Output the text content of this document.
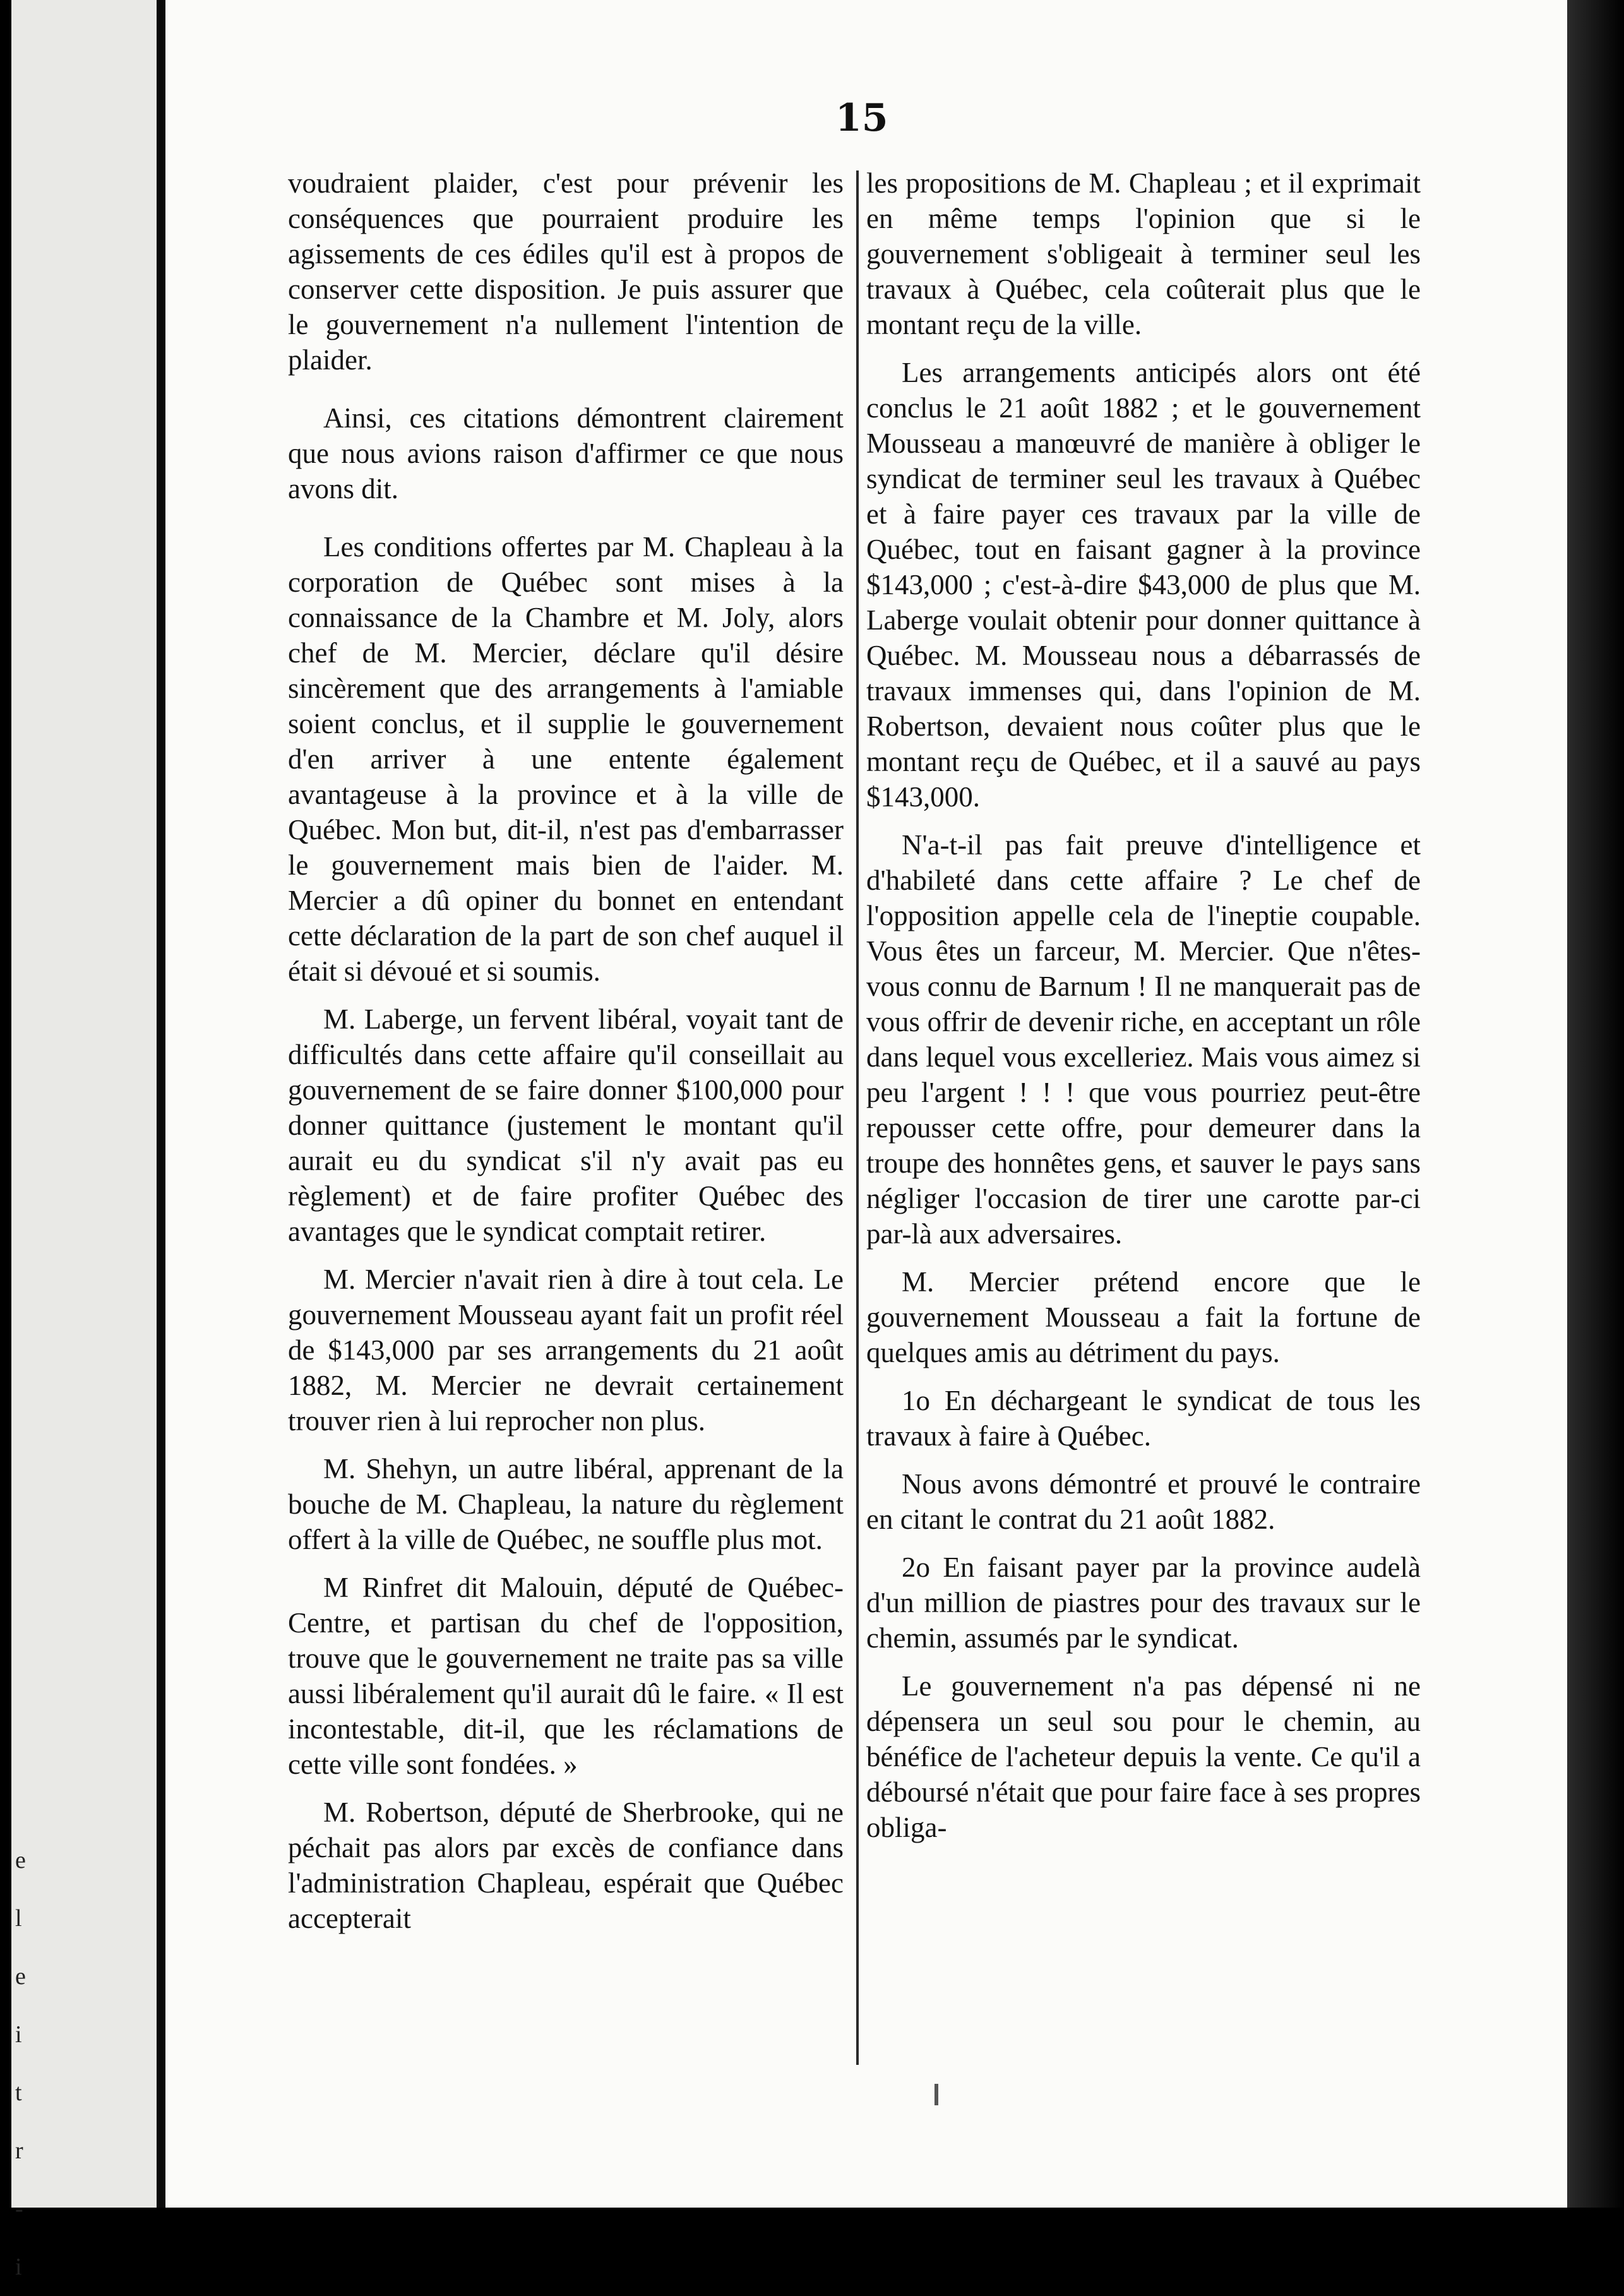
e
l
e
i
t
r
-
i
15

voudraient plaider, c'est pour prévenir les conséquences que pourraient produire les agissements de ces édiles qu'il est à propos de conserver cette disposition. Je puis assurer que le gouvernement n'a nullement l'intention de plaider.

Ainsi, ces citations démontrent clairement que nous avions raison d'affirmer ce que nous avons dit.

Les conditions offertes par M. Chapleau à la corporation de Québec sont mises à la connaissance de la Chambre et M. Joly, alors chef de M. Mercier, déclare qu'il désire sincèrement que des arrangements à l'amiable soient conclus, et il supplie le gouvernement d'en arriver à une entente également avantageuse à la province et à la ville de Québec. Mon but, dit-il, n'est pas d'embarrasser le gouvernement mais bien de l'aider. M. Mercier a dû opiner du bonnet en entendant cette déclaration de la part de son chef auquel il était si dévoué et si soumis.

M. Laberge, un fervent libéral, voyait tant de difficultés dans cette affaire qu'il conseillait au gouvernement de se faire donner $100,000 pour donner quittance (justement le montant qu'il aurait eu du syndicat s'il n'y avait pas eu règlement) et de faire profiter Québec des avantages que le syndicat comptait retirer.

M. Mercier n'avait rien à dire à tout cela. Le gouvernement Mousseau ayant fait un profit réel de $143,000 par ses arrangements du 21 août 1882, M. Mercier ne devrait certainement trouver rien à lui reprocher non plus.

M. Shehyn, un autre libéral, apprenant de la bouche de M. Chapleau, la nature du règlement offert à la ville de Québec, ne souffle plus mot.

M Rinfret dit Malouin, député de Québec-Centre, et partisan du chef de l'opposition, trouve que le gouvernement ne traite pas sa ville aussi libéralement qu'il aurait dû le faire. « Il est incontestable, dit-il, que les réclamations de cette ville sont fondées. »

M. Robertson, député de Sherbrooke, qui ne péchait pas alors par excès de confiance dans l'administration Chapleau, espérait que Québec accepterait

les propositions de M. Chapleau ; et il exprimait en même temps l'opinion que si le gouvernement s'obligeait à terminer seul les travaux à Québec, cela coûterait plus que le montant reçu de la ville.

Les arrangements anticipés alors ont été conclus le 21 août 1882 ; et le gouvernement Mousseau a manœuvré de manière à obliger le syndicat de terminer seul les travaux à Québec et à faire payer ces travaux par la ville de Québec, tout en faisant gagner à la province $143,000 ; c'est-à-dire $43,000 de plus que M. Laberge voulait obtenir pour donner quittance à Québec. M. Mousseau nous a débarrassés de travaux immenses qui, dans l'opinion de M. Robertson, devaient nous coûter plus que le montant reçu de Québec, et il a sauvé au pays $143,000.

N'a-t-il pas fait preuve d'intelligence et d'habileté dans cette affaire ? Le chef de l'opposition appelle cela de l'ineptie coupable. Vous êtes un farceur, M. Mercier. Que n'êtes-vous connu de Barnum ! Il ne manquerait pas de vous offrir de devenir riche, en acceptant un rôle dans lequel vous excelleriez. Mais vous aimez si peu l'argent ! ! ! que vous pourriez peut-être repousser cette offre, pour demeurer dans la troupe des honnêtes gens, et sauver le pays sans négliger l'occasion de tirer une carotte par-ci par-là aux adversaires.

M. Mercier prétend encore que le gouvernement Mousseau a fait la fortune de quelques amis au détriment du pays.

1o En déchargeant le syndicat de tous les travaux à faire à Québec.

Nous avons démontré et prouvé le contraire en citant le contrat du 21 août 1882.

2o En faisant payer par la province audelà d'un million de piastres pour des travaux sur le chemin, assumés par le syndicat.

Le gouvernement n'a pas dépensé ni ne dépensera un seul sou pour le chemin, au bénéfice de l'acheteur depuis la vente. Ce qu'il a déboursé n'était que pour faire face à ses propres obliga-
